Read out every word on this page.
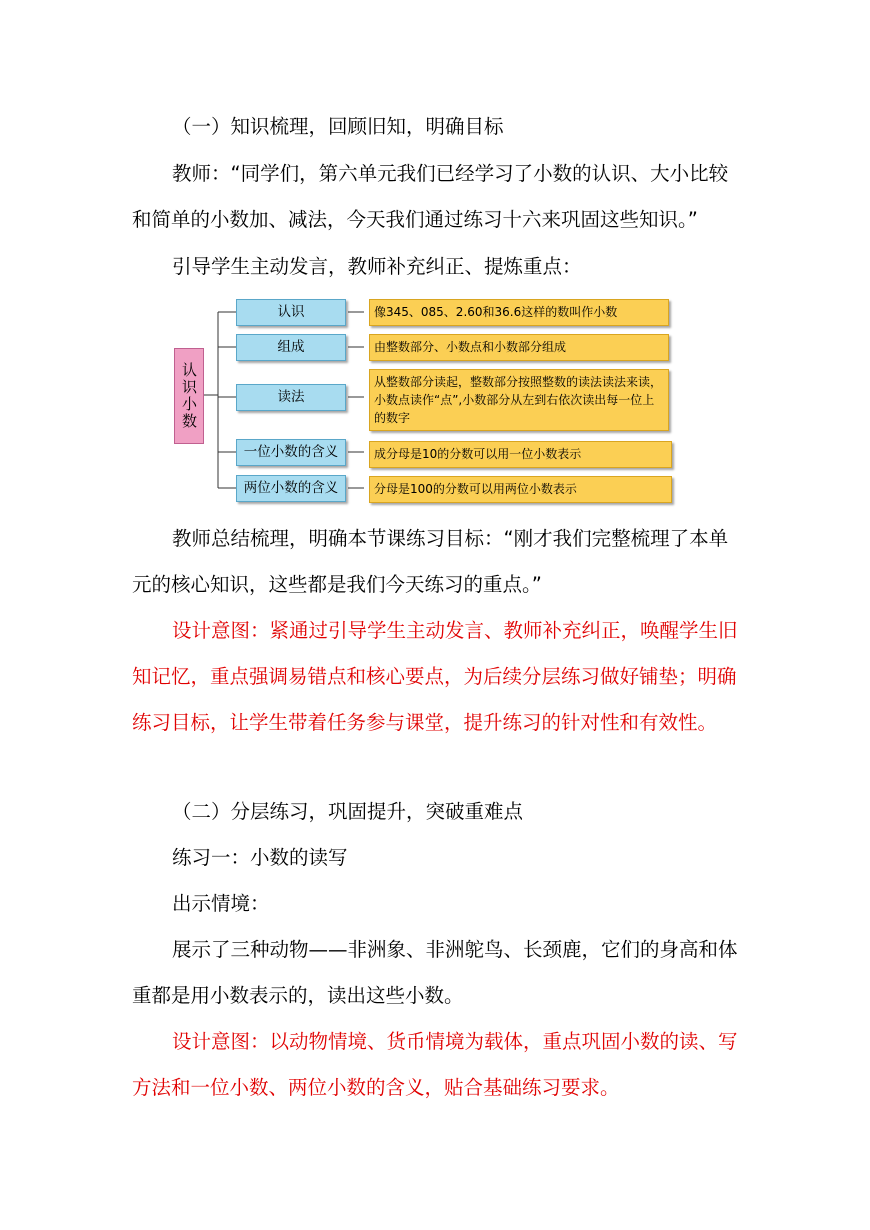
（一）知识梳理，回顾旧知，明确目标

教师：“同学们，第六单元我们已经学习了小数的认识、大小比较和简单的小数加、减法，今天我们通过练习十六来巩固这些知识。”

引导学生主动发言，教师补充纠正、提炼重点：
认识小数
认识
组成
读法
一位小数的含义
两位小数的含义
像345、085、2.60和36.6这样的数叫作小数
由整数部分、小数点和小数部分组成
从整数部分读起，整数部分按照整数的读法读法来读，小数点读作“点”,小数部分从左到右依次读出每一位上的数字
成分母是10的分数可以用一位小数表示
分母是100的分数可以用两位小数表示

教师总结梳理，明确本节课练习目标：“刚才我们完整梳理了本单元的核心知识，这些都是我们今天练习的重点。”

设计意图：紧通过引导学生主动发言、教师补充纠正，唤醒学生旧知记忆，重点强调易错点和核心要点，为后续分层练习做好铺垫；明确练习目标，让学生带着任务参与课堂，提升练习的针对性和有效性。

（二）分层练习，巩固提升，突破重难点
练习一：小数的读写
出示情境：

展示了三种动物——非洲象、非洲鸵鸟、长颈鹿，它们的身高和体重都是用小数表示的，读出这些小数。

设计意图：以动物情境、货币情境为载体，重点巩固小数的读、写方法和一位小数、两位小数的含义，贴合基础练习要求。
